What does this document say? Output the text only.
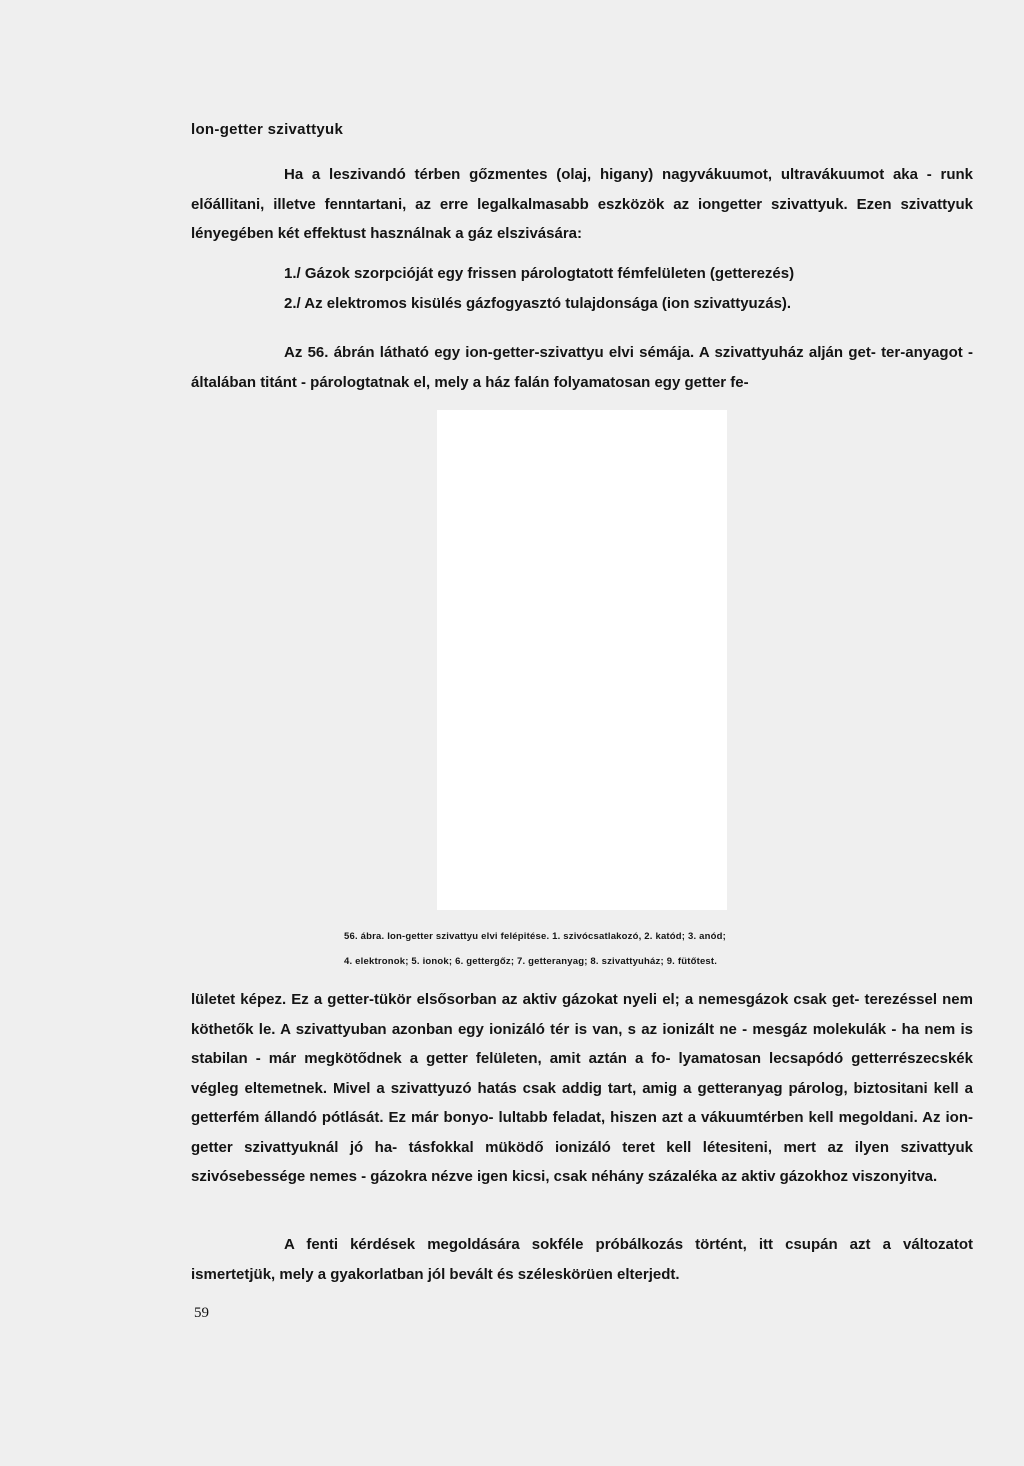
lon-getter szivattyuk

Ha a leszivandó térben gőzmentes (olaj, higany) nagyvákuumot, ultravákuumot aka - runk előállitani, illetve fenntartani, az erre legalkalmasabb eszközök az iongetter szivattyuk. Ezen szivattyuk lényegében két effektust használnak a gáz elszivására:

1./ Gázok szorpcióját egy frissen párologtatott fémfelületen (getterezés)
2./ Az elektromos kisülés gázfogyasztó tulajdonsága (ion szivattyuzás).

Az 56. ábrán látható egy ion-getter-szivattyu elvi sémája. A szivattyuház alján get- ter-anyagot - általában titánt - párologtatnak el, mely a ház falán folyamatosan egy getter fe-

56. ábra. Ion-getter szivattyu elvi felépitése. 1. szivócsatlakozó, 2. katód; 3. anód;
4. elektronok; 5. ionok; 6. gettergőz; 7. getteranyag; 8. szivattyuház; 9. fütőtest.

lületet képez. Ez a getter-tükör elsősorban az aktiv gázokat nyeli el; a nemesgázok csak get- terezéssel nem köthetők le. A szivattyuban azonban egy ionizáló tér is van, s az ionizált ne - mesgáz molekulák - ha nem is stabilan - már megkötődnek a getter felületen, amit aztán a fo- lyamatosan lecsapódó getterrészecskék végleg eltemetnek. Mivel a szivattyuzó hatás csak addig tart, amig a getteranyag párolog, biztositani kell a getterfém állandó pótlását. Ez már bonyo- lultabb feladat, hiszen azt a vákuumtérben kell megoldani. Az ion-getter szivattyuknál jó ha- tásfokkal müködő ionizáló teret kell létesiteni, mert az ilyen szivattyuk szivósebessége nemes - gázokra nézve igen kicsi, csak néhány százaléka az aktiv gázokhoz viszonyitva.

A fenti kérdések megoldására sokféle próbálkozás történt, itt csupán azt a változatot ismertetjük, mely a gyakorlatban jól bevált és széleskörüen elterjedt.

59
